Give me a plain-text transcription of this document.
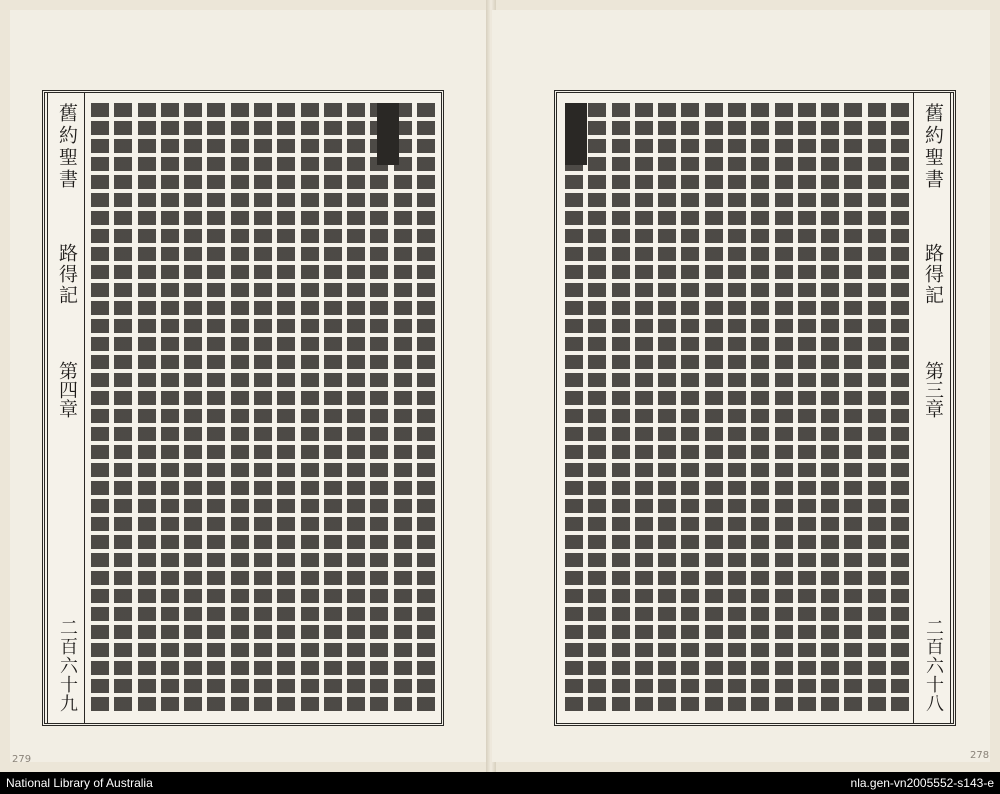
舊約聖書
路得記
第四章
二百六十九
279
舊約聖書
路得記
第三章
二百六十八
278
National Library of Australia	nla.gen-vn2005552-s143-e
